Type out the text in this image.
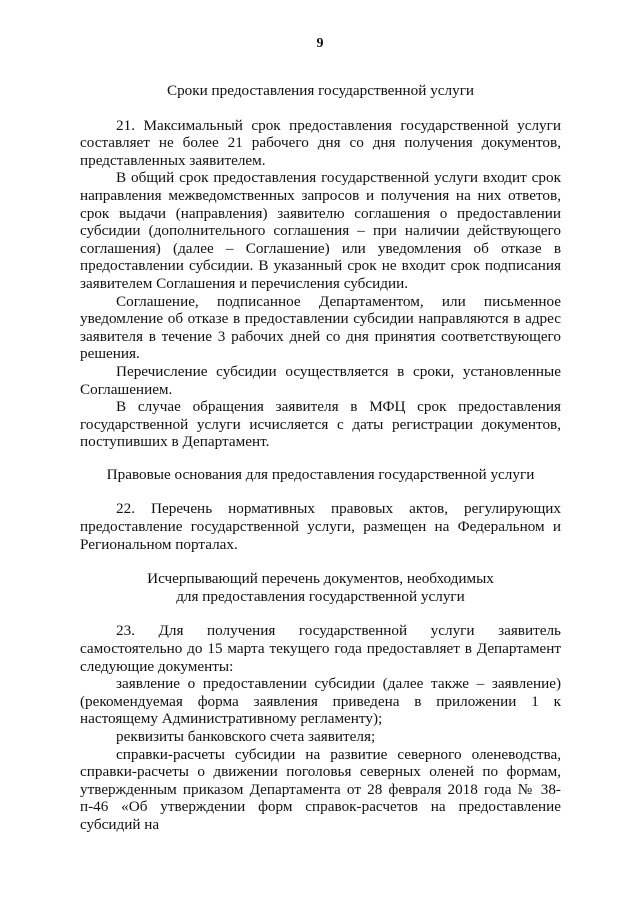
9

Сроки предоставления государственной услуги

21. Максимальный срок предоставления государственной услуги составляет не более 21 рабочего дня со дня получения документов, представленных заявителем.

В общий срок предоставления государственной услуги входит срок направления межведомственных запросов и получения на них ответов, срок выдачи (направления) заявителю соглашения о предоставлении субсидии (дополнительного соглашения – при наличии действующего соглашения) (далее – Соглашение) или уведомления об отказе в предоставлении субсидии. В указанный срок не входит срок подписания заявителем Соглашения и перечисления субсидии.

Соглашение, подписанное Департаментом, или письменное уведомление об отказе в предоставлении субсидии направляются в адрес заявителя в течение 3 рабочих дней со дня принятия соответствующего решения.

Перечисление субсидии осуществляется в сроки, установленные Соглашением.

В случае обращения заявителя в МФЦ срок предоставления государственной услуги исчисляется с даты регистрации документов, поступивших в Департамент.

Правовые основания для предоставления государственной услуги

22. Перечень нормативных правовых актов, регулирующих предоставление государственной услуги, размещен на Федеральном и Региональном порталах.

Исчерпывающий перечень документов, необходимых
для предоставления государственной услуги

23. Для получения государственной услуги заявитель самостоятельно до 15 марта текущего года предоставляет в Департамент следующие документы:

заявление о предоставлении субсидии (далее также – заявление) (рекомендуемая форма заявления приведена в приложении 1 к настоящему Административному регламенту);

реквизиты банковского счета заявителя;

справки-расчеты субсидии на развитие северного оленеводства, справки-расчеты о движении поголовья северных оленей по формам, утвержденным приказом Департамента от 28 февраля 2018 года № 38-п-46 «Об утверждении форм справок-расчетов на предоставление субсидий на
